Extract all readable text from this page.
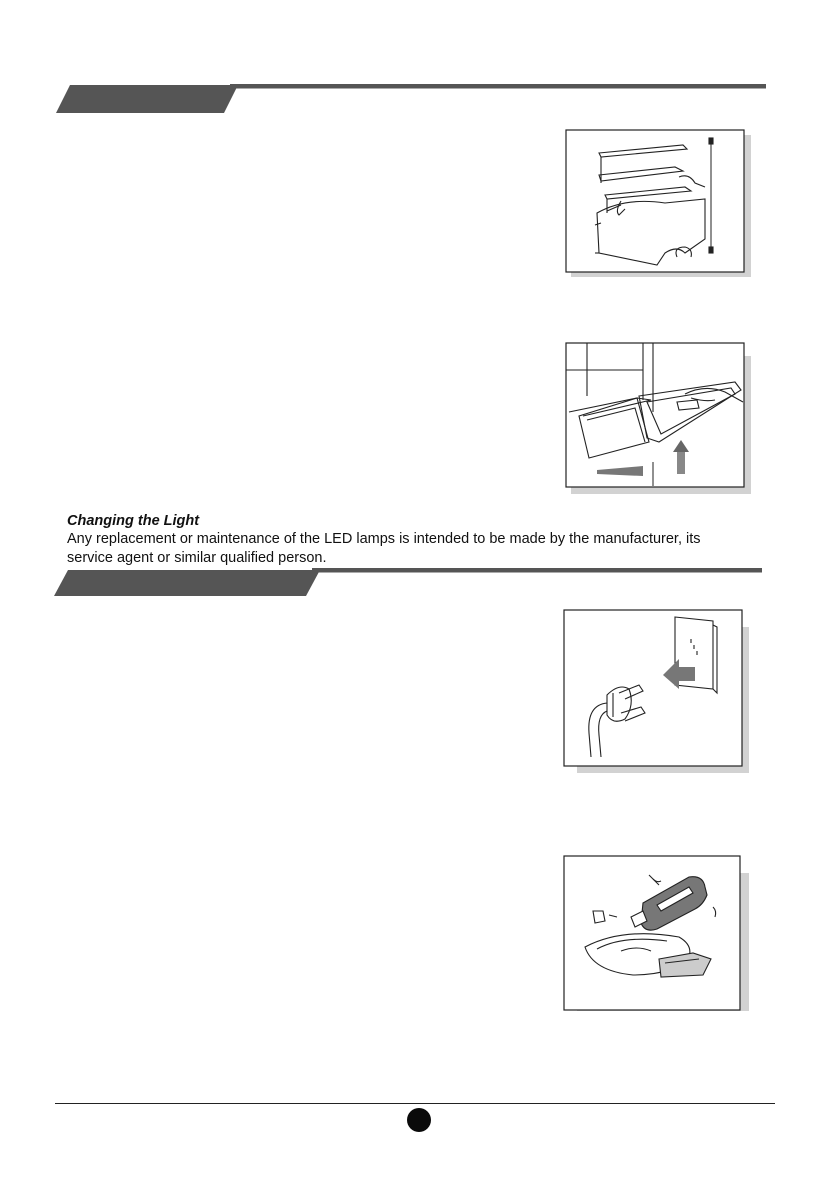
Changing the Light
Any replacement or maintenance of the LED lamps is intended to be made by the manufacturer, its
service agent or similar qualified person.
